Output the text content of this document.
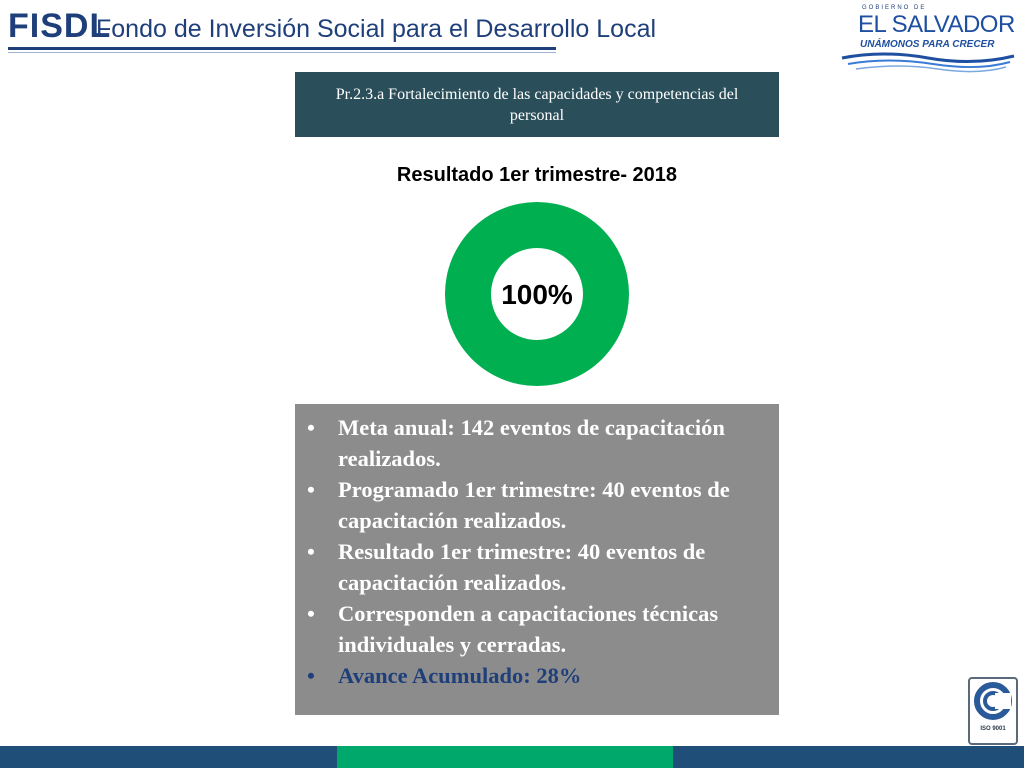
FISDL
Fondo de Inversión Social para el Desarrollo Local
GOBIERNO DE
EL SALVADOR
UNÁMONOS PARA CRECER
Pr.2.3.a Fortalecimiento de las capacidades y competencias del personal
Resultado 1er trimestre- 2018
100%
• Meta anual: 142 eventos de capacitación realizados.
• Programado 1er trimestre: 40 eventos de capacitación realizados.
• Resultado 1er trimestre: 40 eventos de capacitación realizados.
• Corresponden a capacitaciones técnicas individuales y cerradas.
• Avance Acumulado: 28%
ISO 9001
